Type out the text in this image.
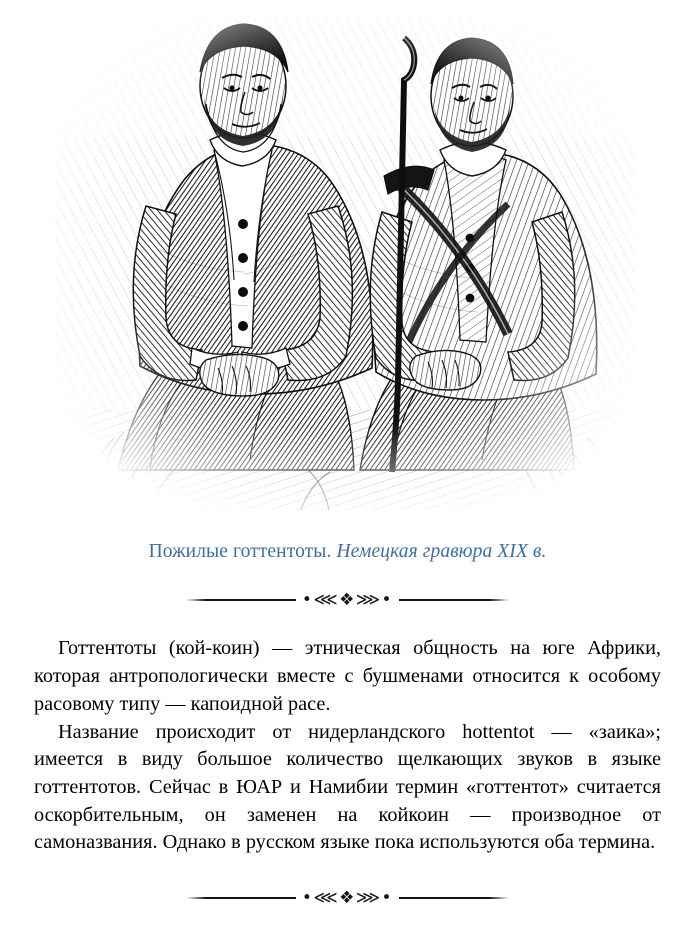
Пожилые готтентоты. Немецкая гравюра XIX в.
•⋘❖⋙•

Готтентоты (кой-коин) — этническая общность на юге Африки, которая антропологически вместе с бушменами относится к особому расовому типу — капоидной расе.

Название происходит от нидерландского hottentot — «заика»; имеется в виду большое количество щелкающих звуков в языке готтентотов. Сейчас в ЮАР и Намибии термин «готтентот» считается оскорбительным, он заменен на койкоин — производное от самоназвания. Однако в русском языке пока используются оба термина.

•⋘❖⋙•
